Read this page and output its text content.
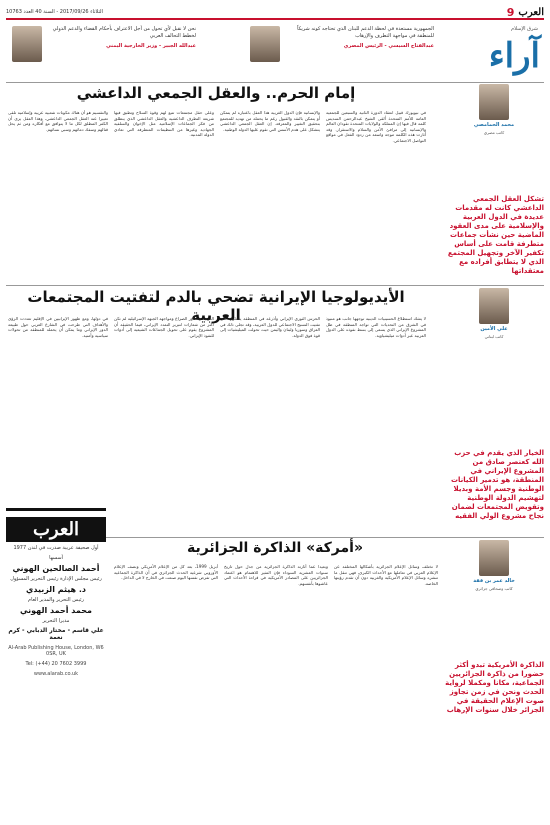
9 العرب
الثلاثاء 2017/09/26 - السنة 40 العدد 10763
شرق الإسلام
آراء
الجمهورية مستعدة في لحظة الدعم للبنان الذي تحتاجه كونه شريكاً للمنطقة في مواجهة التطرف والإرهاب
عبدالفتاح السيسي - الرئيس المصري
نحن لا نقبل لأي تحول من أجل الاعتراف بأحكام القضاء والدعم الدولي لخطط التحالف العربي
عبدالله الجبير - وزير الخارجية اليمني
محمد الحمامصي
كاتب مصري
تشكل العقل الجمعي الداعشي كانت له مقدمات عديدة في الدول العربية والإسلامية على مدى العقود الماضية حين نشأت جماعات متطرفة قامت على أساس تكفير الآخر وتجهيل المجتمع الذي لا يتطابق أفراده مع معتقداتها
إمام الحرم.. والعقل الجمعي الداعشي
في نيويورك قبيل انعقاد الدورة الثانية والسبعين للجمعية العامة للأمم المتحدة ألقى الشيخ عبدالرحمن السديس كلمة قال فيها إن المملكة والولايات المتحدة تقودان العالم والإنسانية إلى مرافئ الأمن والسلام والاستقرار. وقد أثارت هذه الكلمة موجة واسعة من ردود الفعل في مواقع التواصل الاجتماعي.
والإنسانية فإن الدول الغربية هذا العقل باعتباره لم يتمكن أو يتمكن بالنقد والقبول رغم ما يحمله من تهديد للمجتمع بتحقيق التغيير والمعرفة. إن العقل الجمعي الداعشي يتشكل على هدم الأسس التي تقوم عليها الدولة الوطنية.
وعلى حقل مجتمعات تتبع لهم وقوة السلاح وتطبق فيها شريعة التطرف الداعشية والعقل الداعشي الذي ينطلق من فكر الجماعات الإسلامية مثل الإخوان والسلفية الجهادية وغيرها من التنظيمات المتطرفة التي تعادي الدولة المدنية.
والتقسيم هو أن هناك مكونات شعبية عربية وإسلامية تلقى تعبيرا عنه العقل الجمعي الداعشي، وهذا العقل يرى أن الكفر المطلق لكل ما لا يتوافق مع أفكاره ومن ثم يحل قتالهم وسفك دمائهم وسبي نسائهم.
علي الأمين
كاتب لبناني
الخيار الذي يقدم في حزب الله كعنصر صادق من المشروع الإيراني في المنطقة، هو تدمير الكيانات الوطنية وجسم الأمة وبديلا لتهشيم الدولة الوطنية وتقويض المجتمعات لضمان نجاح مشروع الولي الفقيه
الأيديولوجيا الإيرانية تضحي بالدم لتفتيت المجتمعات العربية	لا يشك استطلاع الحسينيات الدينية توجهها جانب هو منبوذ في الشرق من التحديات التي تواجه المنطقة في ظل المشروع الإيراني الذي يسعى إلى بسط نفوذه على الدول العربية عبر أدوات ميليشياوية.
الحرس الثوري الإيراني وأذرعه في المنطقة يعملون على تفتيت النسيج الاجتماعي للدول العربية، وقد تجلى ذلك في العراق وسوريا ولبنان واليمن حيث تحولت الميليشيات إلى قوة فوق الدولة.
العربية ومحاور الصراع ومواجهة الجبهة الإسرائيلية لم تكن أكثر من شعارات لتبرير التمدد الإيراني، فيما الحقيقة أن المشروع يقوم على تحويل الجماعات الشيعية إلى أدوات للنفوذ الإيراني.
في دولها، ومع ظهور الإيرانيين في الإقليم تعددت الرؤى والأهداف التي طرحت في الشارع العربي حول طبيعة الدور الإيراني وما يمكن أن يحمله للمنطقة من تحولات سياسية وأمنية.
العرب
أول صحيفة عربية صدرت في لندن 1977
أسسها
أحمد الصالحين الهوني
رئيس مجلس الإدارة رئيس التحرير المسؤول
د. هيثم الزبيدي
رئيس التحرير والمدير العام
محمد أحمد الهوني
مديرا التحرير
علي قاسم - مختار الدبابي - كرم نعمة
Al-Arab Publishing House, London, W6 0SR, UK
Tel: (+44) 20 7602 3999
www.alarab.co.uk
خالد عمر بن ققة
كاتب وصحافي جزائري
الذاكرة الأمريكية تبدو أكثر حضورا من ذاكرة الجزائريين الجماعية، مكانا ومكملا لرواية الحدث ونحن في زمن تجاوز صوت الإعلام الحقيقة في الجزائر خلال سنوات الإرهاب
«أمركة» الذاكرة الجزائرية
لا تختلف وسائل الإعلام الجزائرية بأشكالها المختلفة عن الإعلام العربي في تعاملها مع الأحداث الكبرى، فهي تنقل ما تنشره وسائل الإعلام الأمريكية والغربية دون أن تقدم رؤيتها الخاصة.
وبعيدا عما أثارته الذاكرة الجزائرية من جدل حول تاريخ سنوات العشرية السوداء فإن المثير للاهتمام هو اعتماد الجزائريين على المصادر الأمريكية في قراءة الأحداث التي عاشوها بأنفسهم.
أبريل 1999، بعد كل من الإعلام الأمريكي ونصف الإعلام الأوروبي شرعية الحدث الجزائري في أن الذاكرة الجماعية التي تفرض نفسها اليوم صنعت في الخارج لا في الداخل.
